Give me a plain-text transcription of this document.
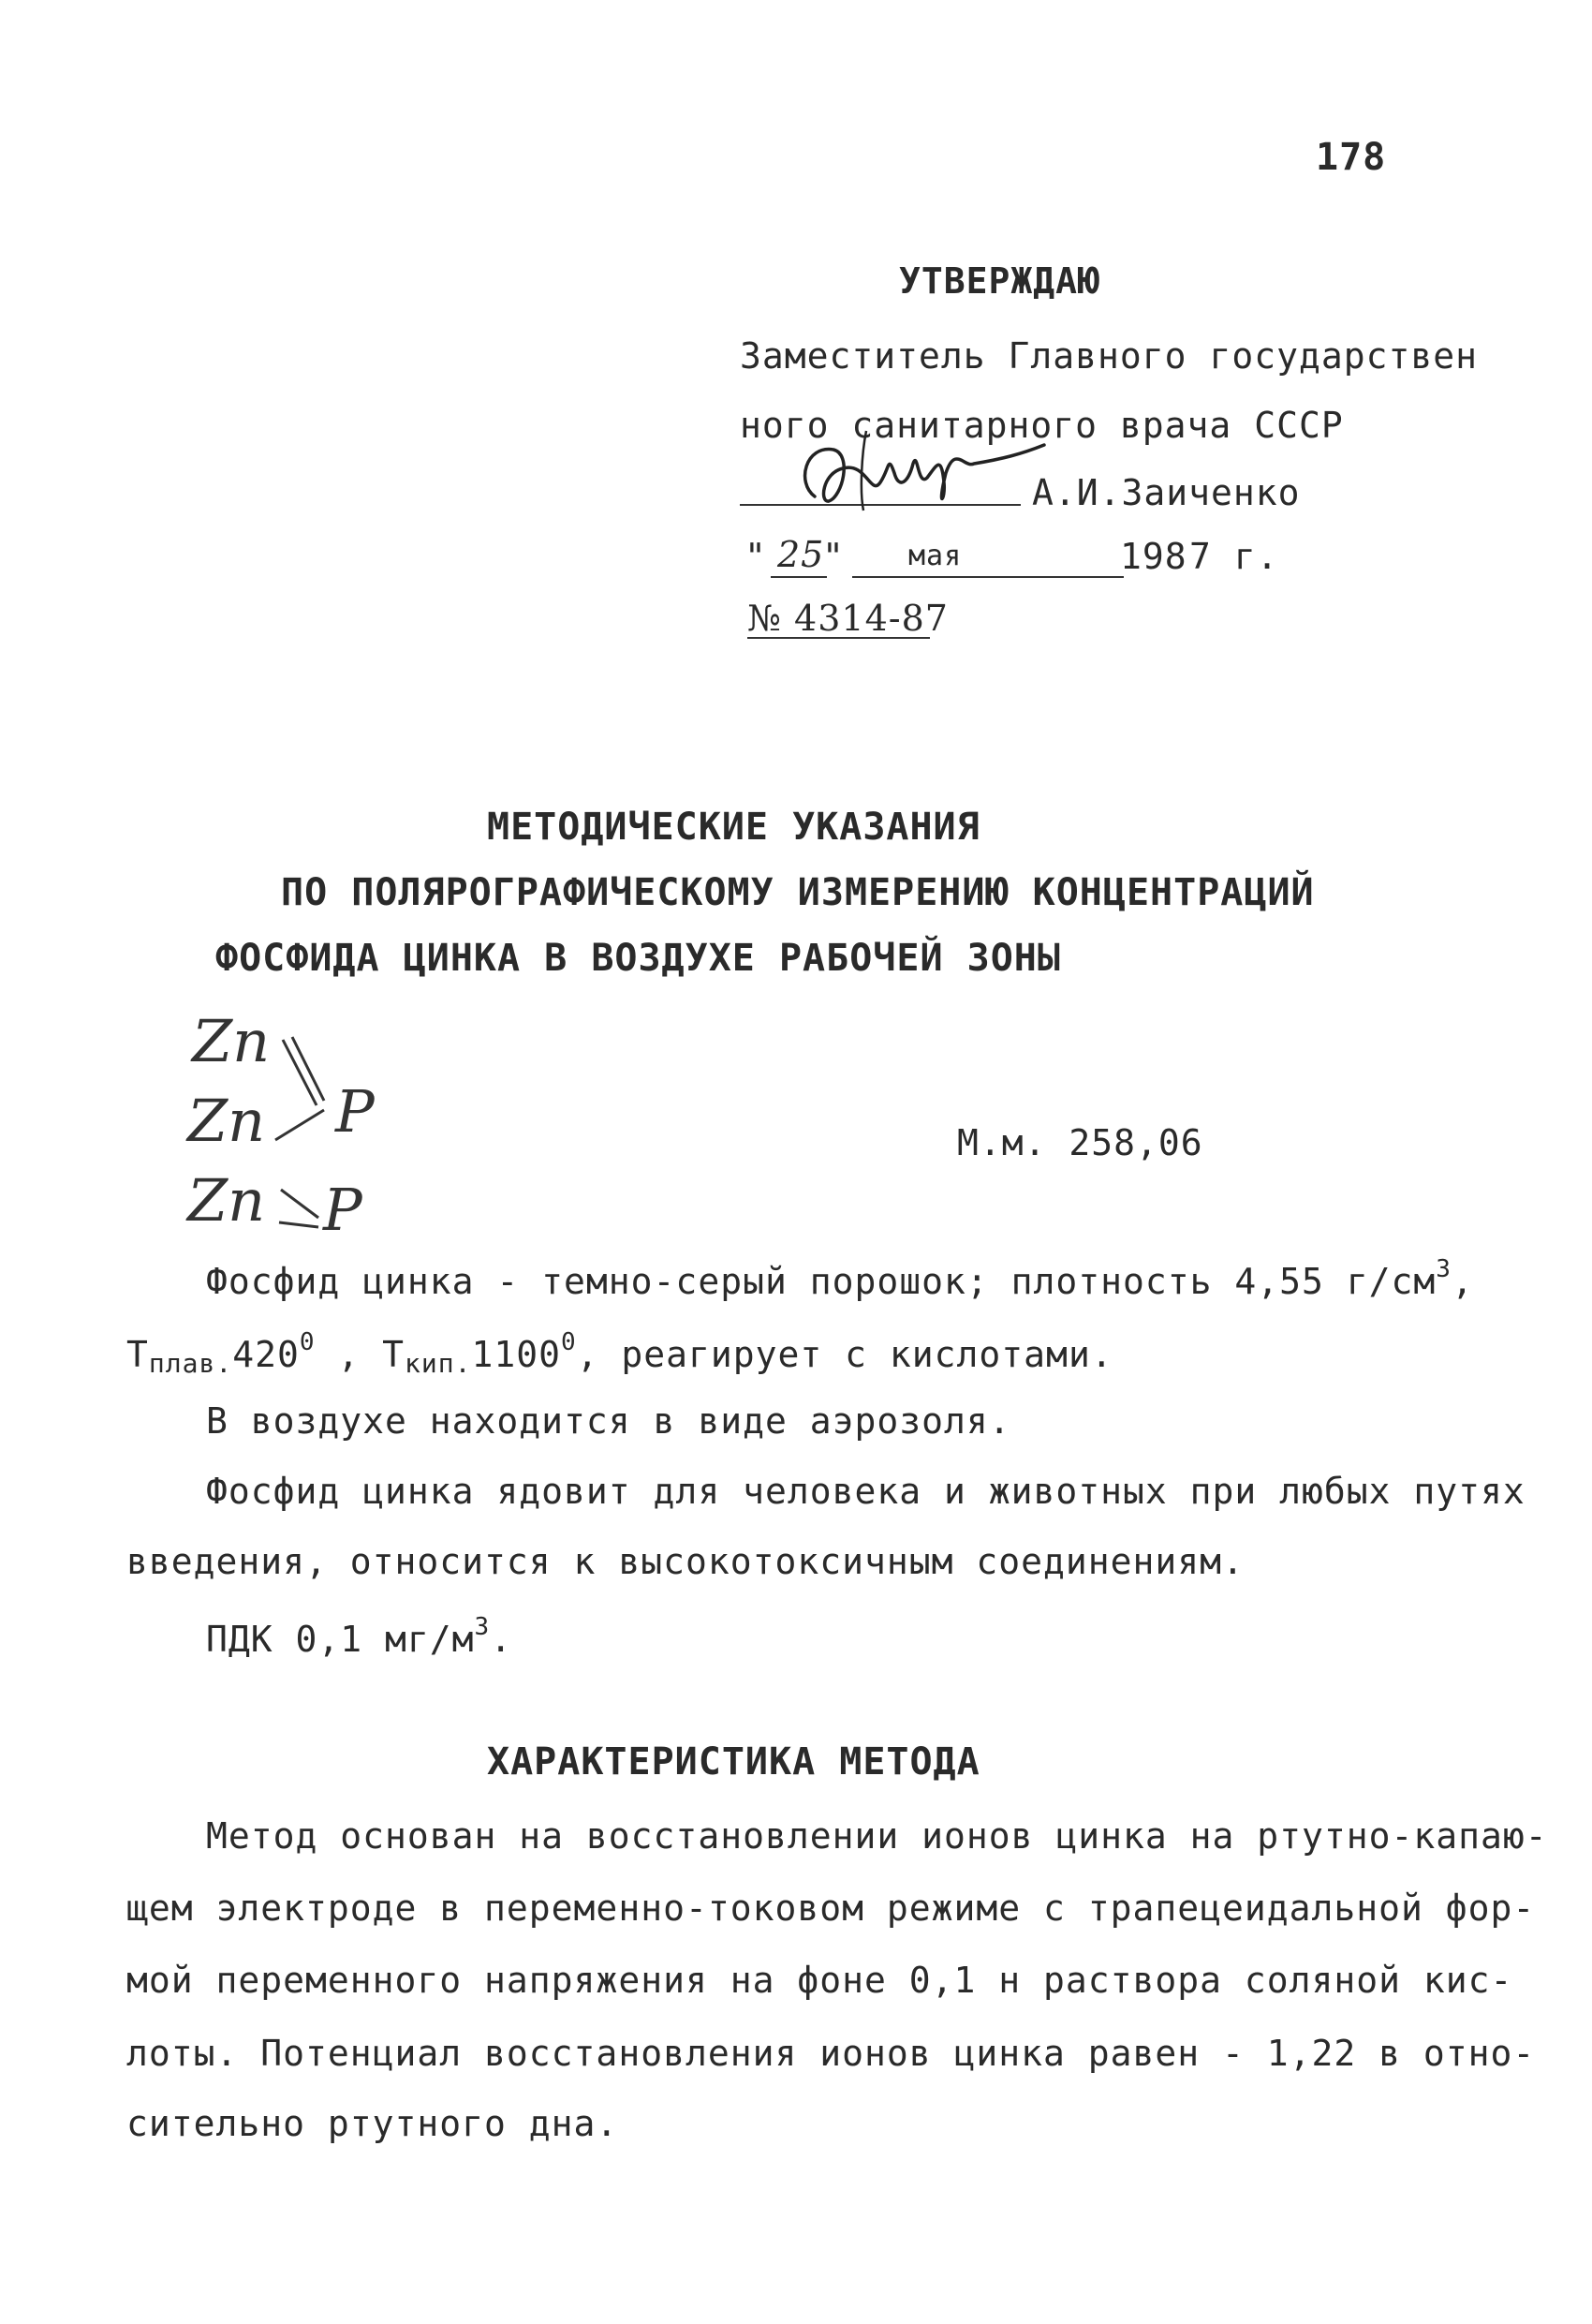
178
УТВЕРЖДАЮ
Заместитель Главного государствен
ного санитарного врача СССР
А.И.Заиченко
" 25
" мая	198 7 г.
№ 4314-87
МЕТОДИЧЕСКИЕ УКАЗАНИЯ
ПО ПОЛЯРОГРАФИЧЕСКОМУ ИЗМЕРЕНИЮ КОНЦЕНТРАЦИЙ
ФОСФИДА ЦИНКА В ВОЗДУХЕ РАБОЧЕЙ ЗОНЫ
Zn
Zn
Zn
P
P
М.м. 258,06
Фосфид цинка - темно-серый порошок; плотность 4,55 $г/см^3$,
$Т_{плав.}420^0$ , $Т_{кип.}1100^0$, реагирует с кислотами.
В воздухе находится в виде аэрозоля.
Фосфид цинка ядовит для человека и животных при любых путях
введения, относится к высокотоксичным соединениям.
ПДК 0,1 $мг/м^3$.
ХАРАКТЕРИСТИКА МЕТОДА
Метод основан на восстановлении ионов цинка на ртутно-капаю-
щем электроде в переменно-токовом режиме с трапецеидальной фор-
мой переменного напряжения на фоне 0,1 н раствора соляной кис-
лоты. Потенциал восстановления ионов цинка равен - 1,22 в отно-
сительно ртутного дна.
